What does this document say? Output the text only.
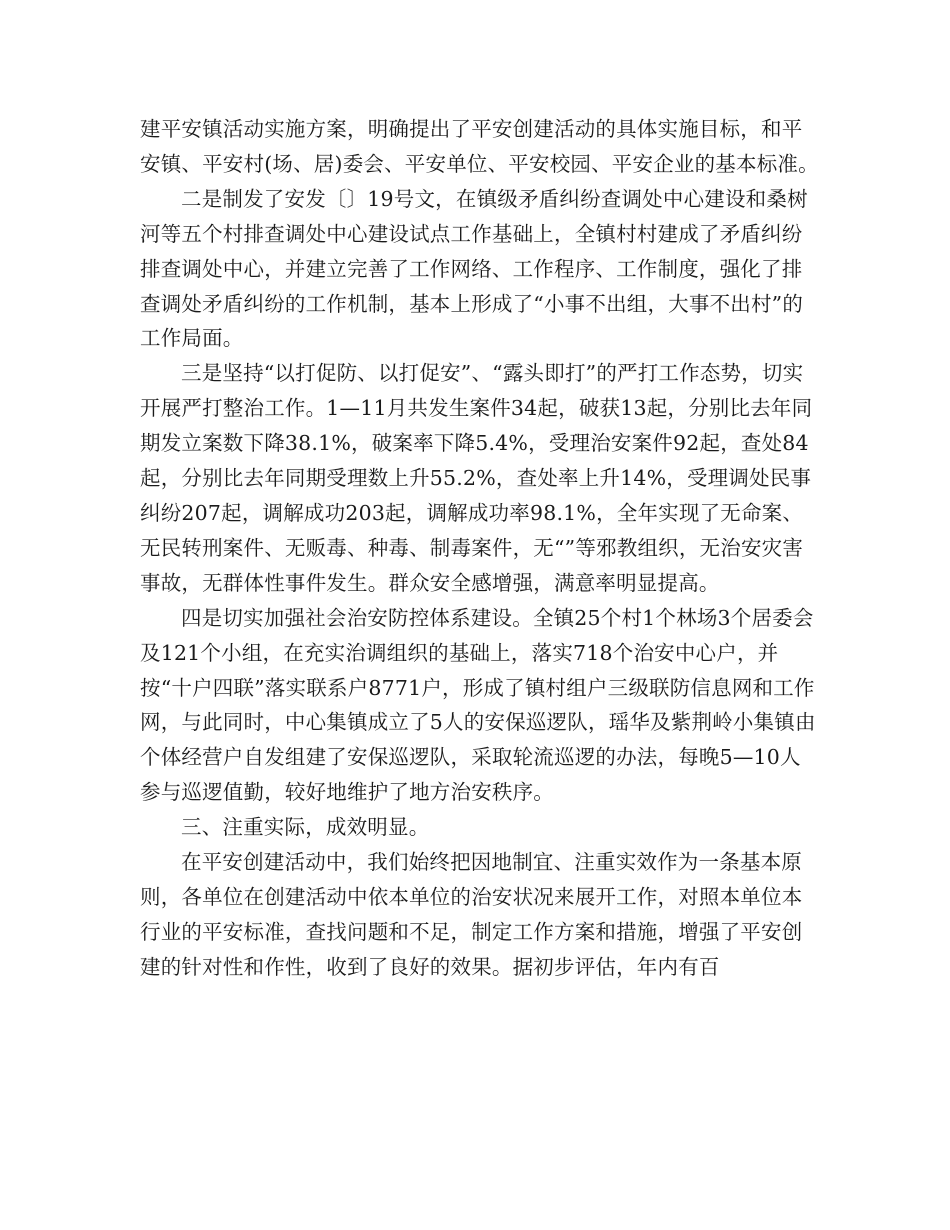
建平安镇活动实施方案，明确提出了平安创建活动的具体实施目标，和平安镇、平安村(场、居)委会、平安单位、平安校园、平安企业的基本标准。

二是制发了安发〔〕19号文，在镇级矛盾纠纷查调处中心建设和桑树河等五个村排查调处中心建设试点工作基础上，全镇村村建成了矛盾纠纷排查调处中心，并建立完善了工作网络、工作程序、工作制度，强化了排查调处矛盾纠纷的工作机制，基本上形成了“小事不出组，大事不出村”的工作局面。

三是坚持“以打促防、以打促安”、“露头即打”的严打工作态势，切实开展严打整治工作。1—11月共发生案件34起，破获13起，分别比去年同期发立案数下降38.1%，破案率下降5.4%，受理治安案件92起，查处84起，分别比去年同期受理数上升55.2%，查处率上升14%，受理调处民事纠纷207起，调解成功203起，调解成功率98.1%，全年实现了无命案、无民转刑案件、无贩毒、种毒、制毒案件，无“”等邪教组织，无治安灾害事故，无群体性事件发生。群众安全感增强，满意率明显提高。

四是切实加强社会治安防控体系建设。全镇25个村1个林场3个居委会及121个小组，在充实治调组织的基础上，落实718个治安中心户，并按“十户四联”落实联系户8771户，形成了镇村组户三级联防信息网和工作网，与此同时，中心集镇成立了5人的安保巡逻队，瑶华及紫荆岭小集镇由个体经营户自发组建了安保巡逻队，采取轮流巡逻的办法，每晚5—10人参与巡逻值勤，较好地维护了地方治安秩序。

三、注重实际，成效明显。

在平安创建活动中，我们始终把因地制宜、注重实效作为一条基本原则，各单位在创建活动中依本单位的治安状况来展开工作，对照本单位本行业的平安标准，查找问题和不足，制定工作方案和措施，增强了平安创建的针对性和作性，收到了良好的效果。据初步评估，年内有百
